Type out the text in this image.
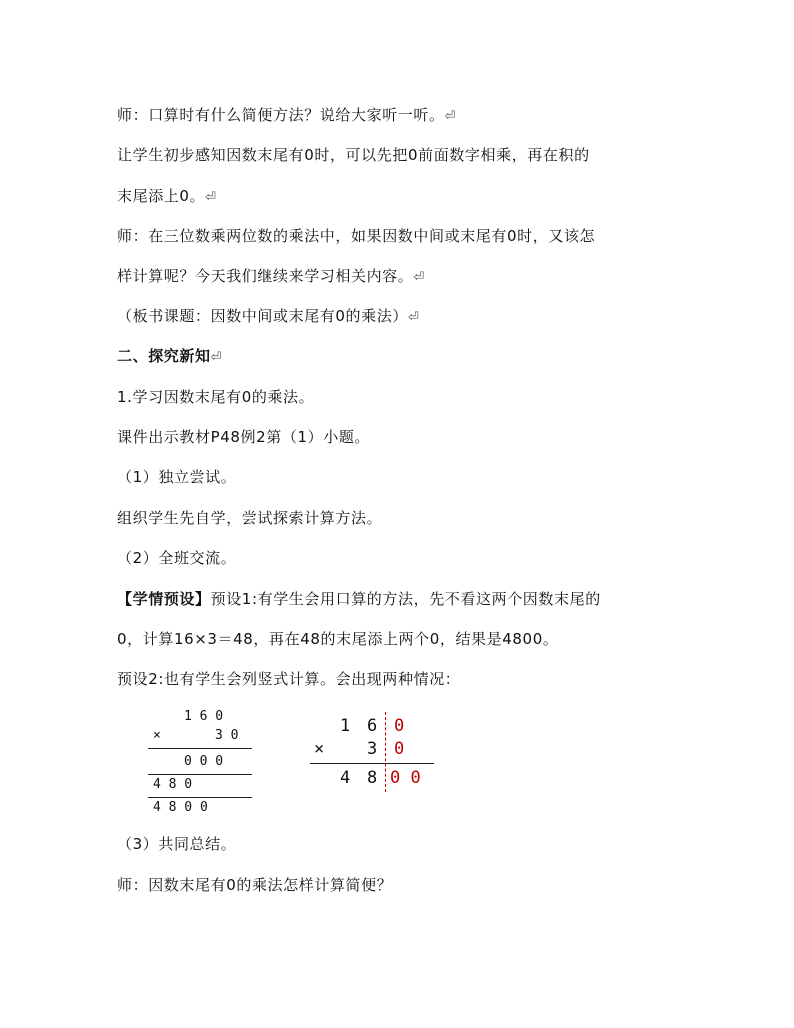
师：口算时有什么简便方法？说给大家听一听。⏎
让学生初步感知因数末尾有0时，可以先把0前面数字相乘，再在积的
末尾添上0。⏎
师：在三位数乘两位数的乘法中，如果因数中间或末尾有0时，又该怎
样计算呢？今天我们继续来学习相关内容。⏎
（板书课题：因数中间或末尾有0的乘法）⏎
二、探究新知⏎
1.学习因数末尾有0的乘法。
课件出示教材P48例2第（1）小题。
（1）独立尝试。
组织学生先自学，尝试探索计算方法。
（2）全班交流。
【学情预设】预设1:有学生会用口算的方法，先不看这两个因数末尾的
0，计算16×3＝48，再在48的末尾添上两个0，结果是4800。
预设2:也有学生会列竖式计算。会出现两种情况：
1 6 0
×	3 0
0 0 0
4 8 0
4 8 0 0
1 6 0
×	3 0
4 8 0 0
（3）共同总结。
师：因数末尾有0的乘法怎样计算简便？
